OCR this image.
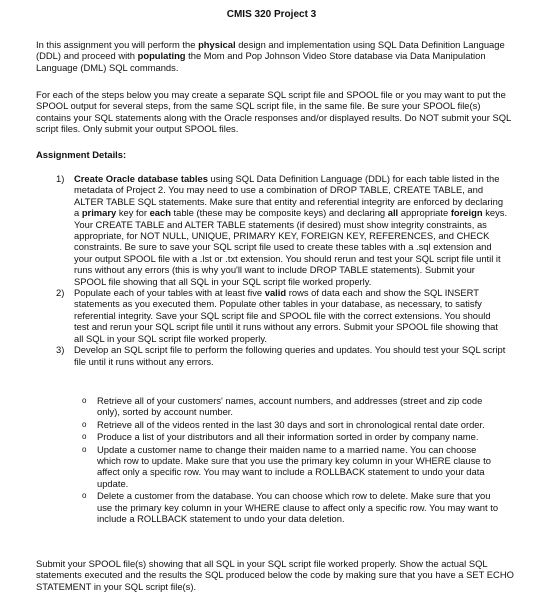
CMIS 320 Project 3

In this assignment you will perform the physical design and implementation using SQL Data Definition Language (DDL) and proceed with populating the Mom and Pop Johnson Video Store database via Data Manipulation Language (DML) SQL commands.

For each of the steps below you may create a separate SQL script file and SPOOL file or you may want to put the SPOOL output for several steps, from the same SQL script file, in the same file. Be sure your SPOOL file(s) contains your SQL statements along with the Oracle responses and/or displayed results. Do NOT submit your SQL script files. Only submit your output SPOOL files.

Assignment Details:

1) Create Oracle database tables using SQL Data Definition Language (DDL) for each table listed in the metadata of Project 2. You may need to use a combination of DROP TABLE, CREATE TABLE, and ALTER TABLE SQL statements. Make sure that entity and referential integrity are enforced by declaring a primary key for each table (these may be composite keys) and declaring all appropriate foreign keys. Your CREATE TABLE and ALTER TABLE statements (if desired) must show integrity constraints, as appropriate, for NOT NULL, UNIQUE, PRIMARY KEY, FOREIGN KEY, REFERENCES, and CHECK constraints. Be sure to save your SQL script file used to create these tables with a .sql extension and your output SPOOL file with a .lst or .txt extension. You should rerun and test your SQL script file until it runs without any errors (this is why you'll want to include DROP TABLE statements). Submit your SPOOL file showing that all SQL in your SQL script file worked properly.
2) Populate each of your tables with at least five valid rows of data each and show the SQL INSERT statements as you executed them. Populate other tables in your database, as necessary, to satisfy referential integrity. Save your SQL script file and SPOOL file with the correct extensions. You should test and rerun your SQL script file until it runs without any errors. Submit your SPOOL file showing that all SQL in your SQL script file worked properly.
3) Develop an SQL script file to perform the following queries and updates. You should test your SQL script file until it runs without any errors.
o Retrieve all of your customers' names, account numbers, and addresses (street and zip code only), sorted by account number.
o Retrieve all of the videos rented in the last 30 days and sort in chronological rental date order.
o Produce a list of your distributors and all their information sorted in order by company name.
o Update a customer name to change their maiden name to a married name. You can choose which row to update. Make sure that you use the primary key column in your WHERE clause to affect only a specific row. You may want to include a ROLLBACK statement to undo your data update.
o Delete a customer from the database. You can choose which row to delete. Make sure that you use the primary key column in your WHERE clause to affect only a specific row. You may want to include a ROLLBACK statement to undo your data deletion.

Submit your SPOOL file(s) showing that all SQL in your SQL script file worked properly. Show the actual SQL statements executed and the results the SQL produced below the code by making sure that you have a SET ECHO STATEMENT in your SQL script file(s).
